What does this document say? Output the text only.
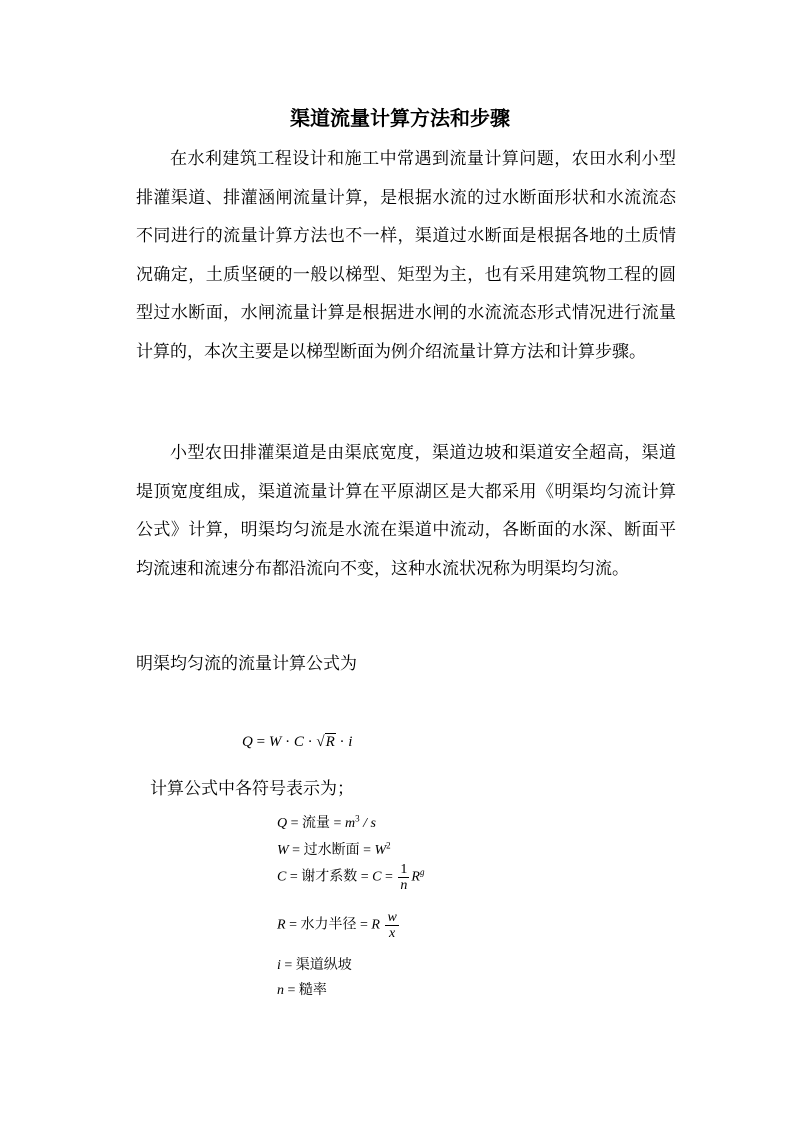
渠道流量计算方法和步骤

在水利建筑工程设计和施工中常遇到流量计算问题，农田水利小型排灌渠道、排灌涵闸流量计算，是根据水流的过水断面形状和水流流态不同进行的流量计算方法也不一样，渠道过水断面是根据各地的土质情况确定，土质坚硬的一般以梯型、矩型为主，也有采用建筑物工程的圆型过水断面，水闸流量计算是根据进水闸的水流流态形式情况进行流量计算的，本次主要是以梯型断面为例介绍流量计算方法和计算步骤。

小型农田排灌渠道是由渠底宽度，渠道边坡和渠道安全超高，渠道堤顶宽度组成，渠道流量计算在平原湖区是大都采用《明渠均匀流计算公式》计算，明渠均匀流是水流在渠道中流动，各断面的水深、断面平均流速和流速分布都沿流向不变，这种水流状况称为明渠均匀流。

明渠均匀流的流量计算公式为
Q = W · C · √R · i
计算公式中各符号表示为；
Q = 流量 = $m^3$ / s
W = 过水断面 = $W^2$
C = 谢才系数 = $C = \frac{1}{n} R^g$
R = 水力半径 = R $\frac{w}{x}$
i = 渠道纵坡
n = 糙率
